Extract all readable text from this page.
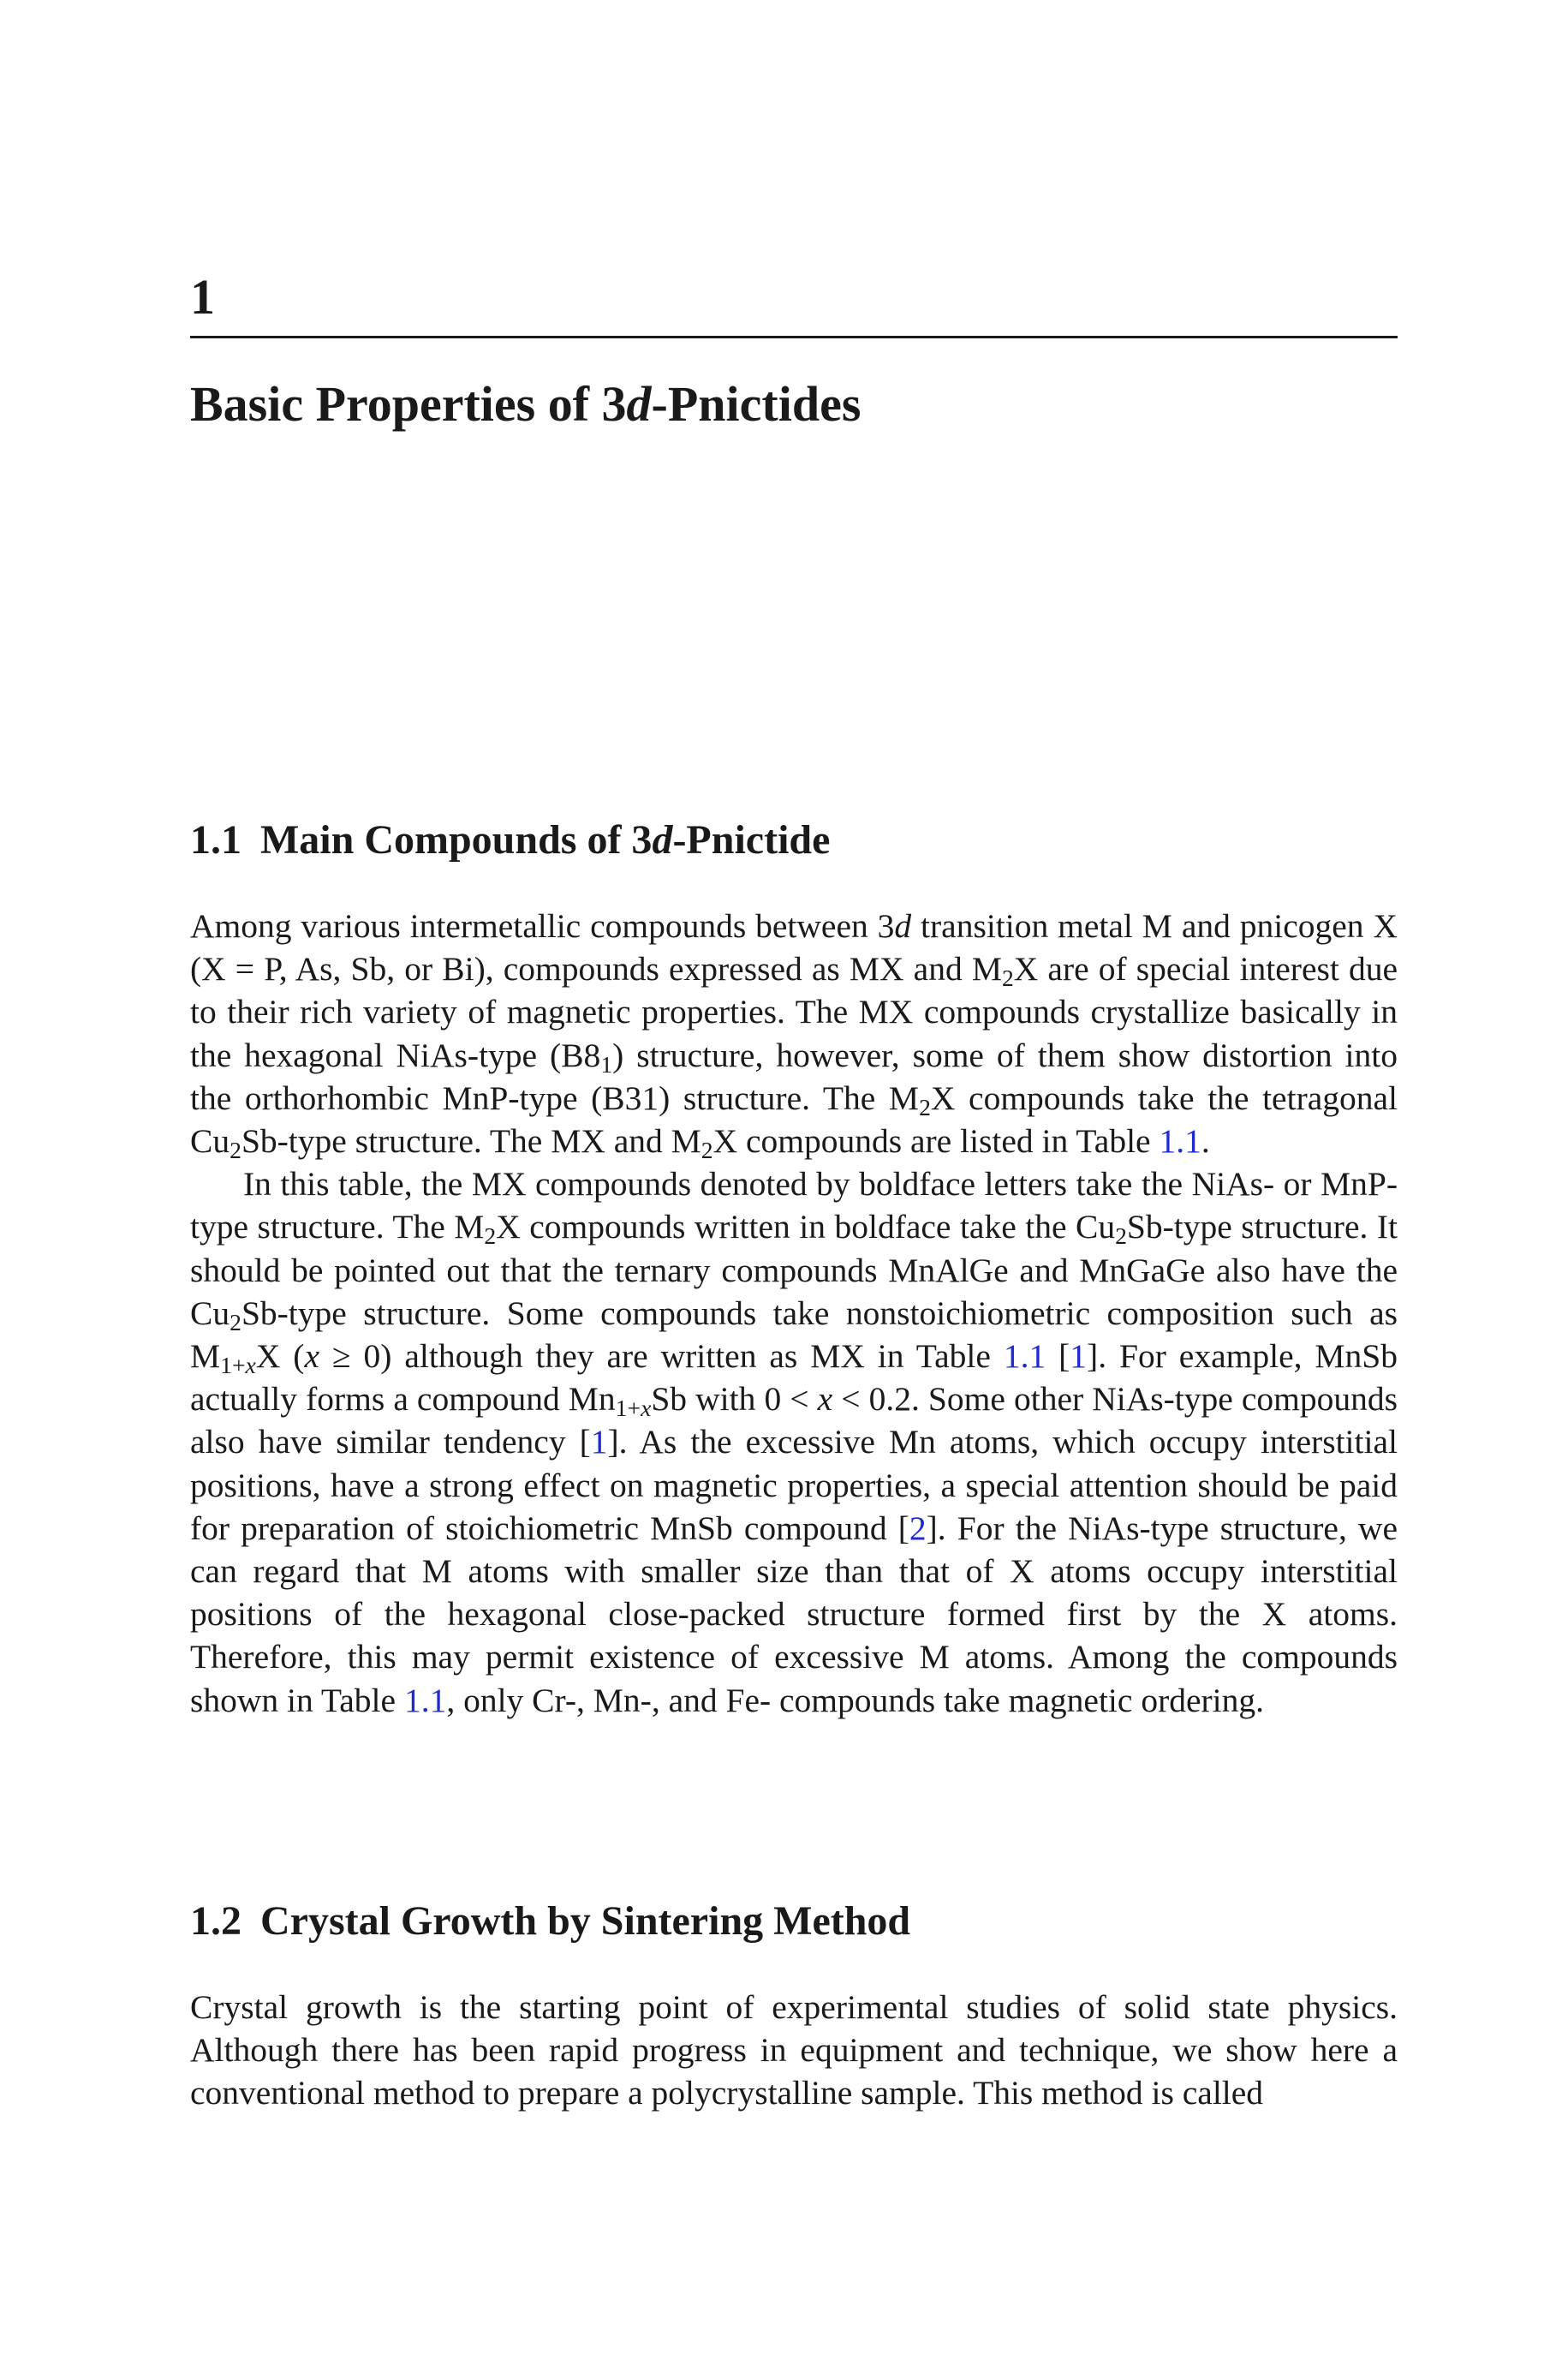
1
Basic Properties of 3d-Pnictides
1.1 Main Compounds of 3d-Pnictide

Among various intermetallic compounds between 3d transition metal M and pnicogen X (X = P, As, Sb, or Bi), compounds expressed as MX and $M_2X$ are of special interest due to their rich variety of magnetic properties. The MX compounds crystallize basically in the hexagonal NiAs-type $(B8_1)$ structure, however, some of them show distortion into the orthorhombic MnP-type (B31) structure. The $M_2X$ compounds take the tetragonal $Cu_2Sb$-type structure. The MX and $M_2X$ compounds are listed in Table 1.1.

In this table, the MX compounds denoted by boldface letters take the NiAs- or MnP-type structure. The $M_2X$ compounds written in boldface take the $Cu_2Sb$-type structure. It should be pointed out that the ternary compounds MnAlGe and MnGaGe also have the $Cu_2Sb$-type structure. Some compounds take nonstoichiometric composition such as $M_{1+x}X$ (x ≥ 0) although they are written as MX in Table 1.1 [1]. For example, MnSb actually forms a compound $Mn_{1+x}Sb$ with 0 < x < 0.2. Some other NiAs-type compounds also have similar tendency [1]. As the excessive Mn atoms, which occupy interstitial positions, have a strong effect on magnetic properties, a special attention should be paid for preparation of stoichiometric MnSb compound [2]. For the NiAs-type structure, we can regard that M atoms with smaller size than that of X atoms occupy interstitial positions of the hexagonal close-packed structure formed first by the X atoms. Therefore, this may permit existence of excessive M atoms. Among the compounds shown in Table 1.1, only Cr-, Mn-, and Fe- compounds take magnetic ordering.

1.2 Crystal Growth by Sintering Method

Crystal growth is the starting point of experimental studies of solid state physics. Although there has been rapid progress in equipment and technique, we show here a conventional method to prepare a polycrystalline sample. This method is called
